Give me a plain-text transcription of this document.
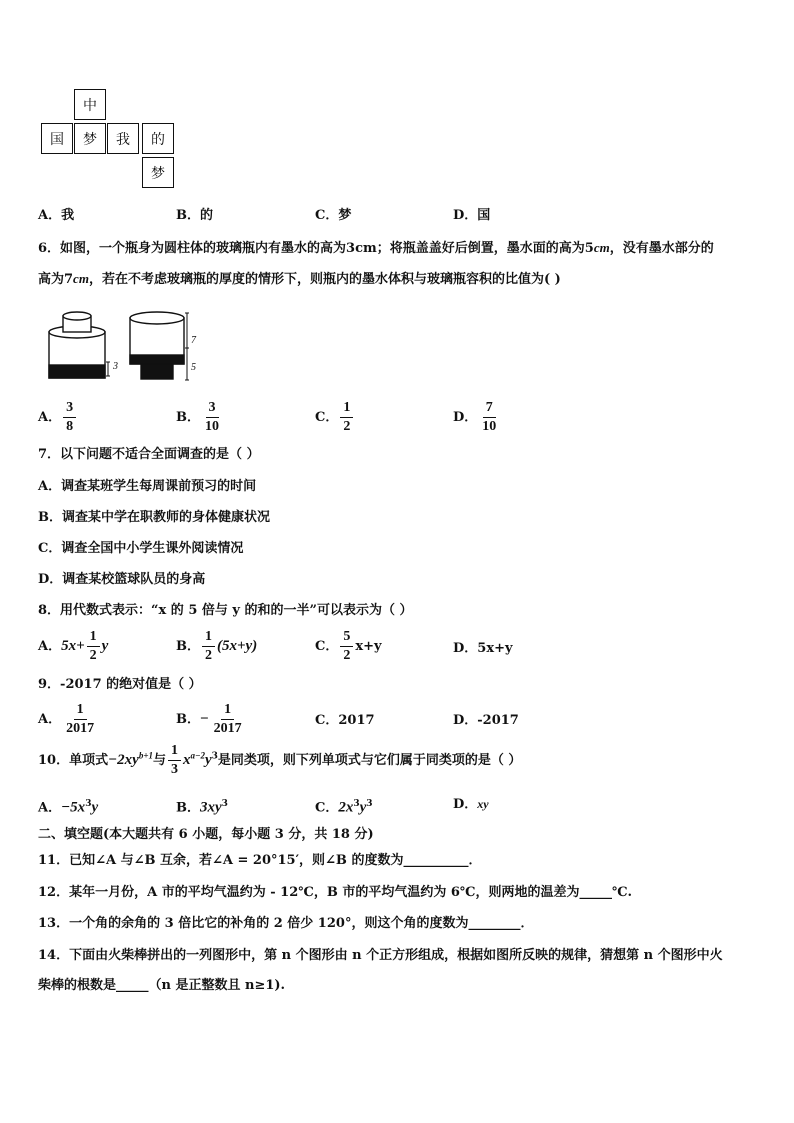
中
国	梦	我	的
梦
A．我	B．的	C．梦	D．国
6．如图，一个瓶身为圆柱体的玻璃瓶内有墨水的高为3cm；将瓶盖盖好后倒置，墨水面的高为5cm，没有墨水部分的
高为7cm，若在不考虑玻璃瓶的厚度的情形下，则瓶内的墨水体积与玻璃瓶容积的比值为( )
3
7
5
A． $\frac{3}{8}$	B． $\frac{3}{10}$	C． $\frac{1}{2}$	D． $\frac{7}{10}$
7．以下问题不适合全面调查的是（ ）
A．调查某班学生每周课前预习的时间
B．调查某中学在职教师的身体健康状况
C．调查全国中小学生课外阅读情况
D．调查某校篮球队员的身高
8．用代数式表示：“x 的 5 倍与 y 的和的一半”可以表示为（ ）
A．$5x+ \frac{1}{2}$ y	B． $\frac{1}{2} (5x+y)$	C． $\frac{5}{2} x+y$	D．5x+y
9．-2017 的绝对值是（ ）
A． $\frac{1}{2017}$	B．− $\frac{1}{2017}$	C．2017	D．-2017
10．单项式$-2xy^{b+1}$与 $\frac{1}{3} x^{a-2}y^3$是同类项，则下列单项式与它们属于同类项的是（ ）
A．$-5x^3y$	B．$3xy^3$	C．$2x^3y^3$	D．xy
二、填空题(本大题共有 6 小题，每小题 3 分，共 18 分)
11．已知∠A 与∠B 互余，若∠A = 20°15′，则∠B 的度数为__________．
12．某年一月份，A 市的平均气温约为 - 12℃，B 市的平均气温约为 6℃，则两地的温差为_____℃.
13．一个角的余角的 3 倍比它的补角的 2 倍少 120°，则这个角的度数为________．
14．下面由火柴棒拼出的一列图形中，第 n 个图形由 n 个正方形组成，根据如图所反映的规律，猜想第 n 个图形中火
柴棒的根数是_____（n 是正整数且 n≥1).
